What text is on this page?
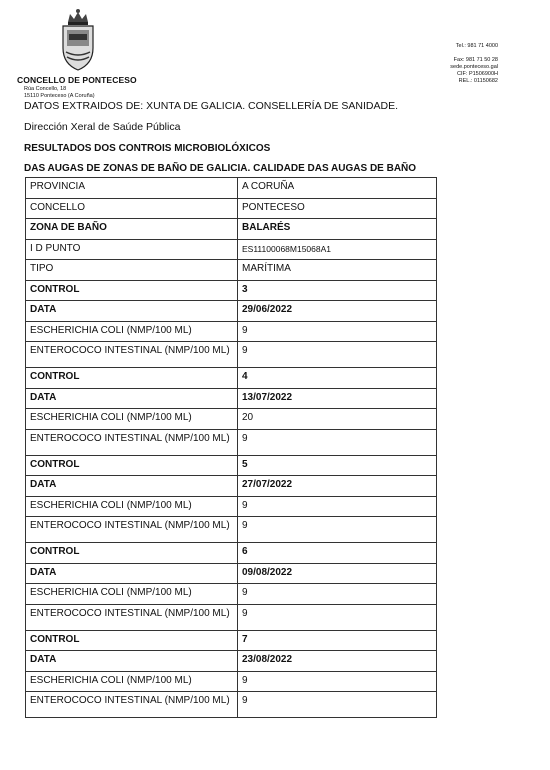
CONCELLO DE PONTECESO
Rúa Concello, 18
15110 Ponteceso (A Coruña)
Tel.: 981 71 4000
Fax: 981 71 50 28
sede.ponteceso.gal
CIF: P1506900H
REL.: 01150682
DATOS EXTRAIDOS DE: XUNTA DE GALICIA. CONSELLERÍA DE SANIDADE.
Dirección Xeral de Saúde Pública
RESULTADOS DOS CONTROIS MICROBIOLÓXICOS
DAS AUGAS DE ZONAS DE BAÑO DE GALICIA. CALIDADE DAS AUGAS DE BAÑO
PROVINCIA	A CORUÑA
CONCELLO	PONTECESO
ZONA DE BAÑO	BALARÉS
I D PUNTO	ES11100068M15068A1
TIPO	MARÍTIMA
CONTROL	3
DATA	29/06/2022
ESCHERICHIA COLI (NMP/100 ML)	9
ENTEROCOCO INTESTINAL (NMP/100 ML)	9
CONTROL	4
DATA	13/07/2022
ESCHERICHIA COLI (NMP/100 ML)	20
ENTEROCOCO INTESTINAL (NMP/100 ML)	9
CONTROL	5
DATA	27/07/2022
ESCHERICHIA COLI (NMP/100 ML)	9
ENTEROCOCO INTESTINAL (NMP/100 ML)	9
CONTROL	6
DATA	09/08/2022
ESCHERICHIA COLI (NMP/100 ML)	9
ENTEROCOCO INTESTINAL (NMP/100 ML)	9
CONTROL	7
DATA	23/08/2022
ESCHERICHIA COLI (NMP/100 ML)	9
ENTEROCOCO INTESTINAL (NMP/100 ML)	9
